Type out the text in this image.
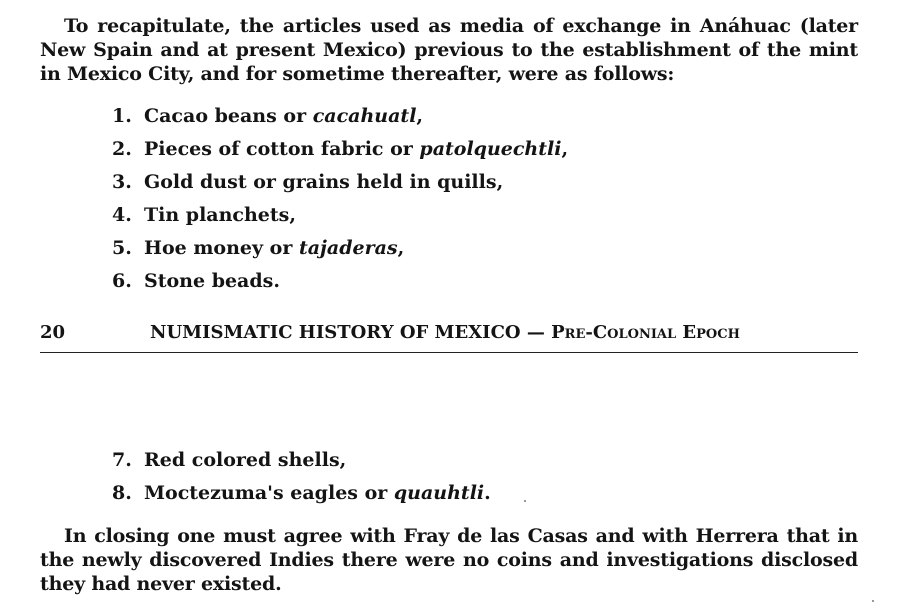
To recapitulate, the articles used as media of exchange in Anáhuac (later New Spain and at present Mexico) previous to the establishment of the mint in Mexico City, and for sometime thereafter, were as follows:

1. Cacao beans or cacahuatl,
2. Pieces of cotton fabric or patolquechtli,
3. Gold dust or grains held in quills,
4. Tin planchets,
5. Hoe money or tajaderas,
6. Stone beads.
20	NUMISMATIC HISTORY OF MEXICO — Pre-Colonial Epoch
7. Red colored shells,
8. Moctezuma's eagles or quauhtli.

In closing one must agree with Fray de las Casas and with Herrera that in the newly discovered Indies there were no coins and investigations disclosed they had never existed.
